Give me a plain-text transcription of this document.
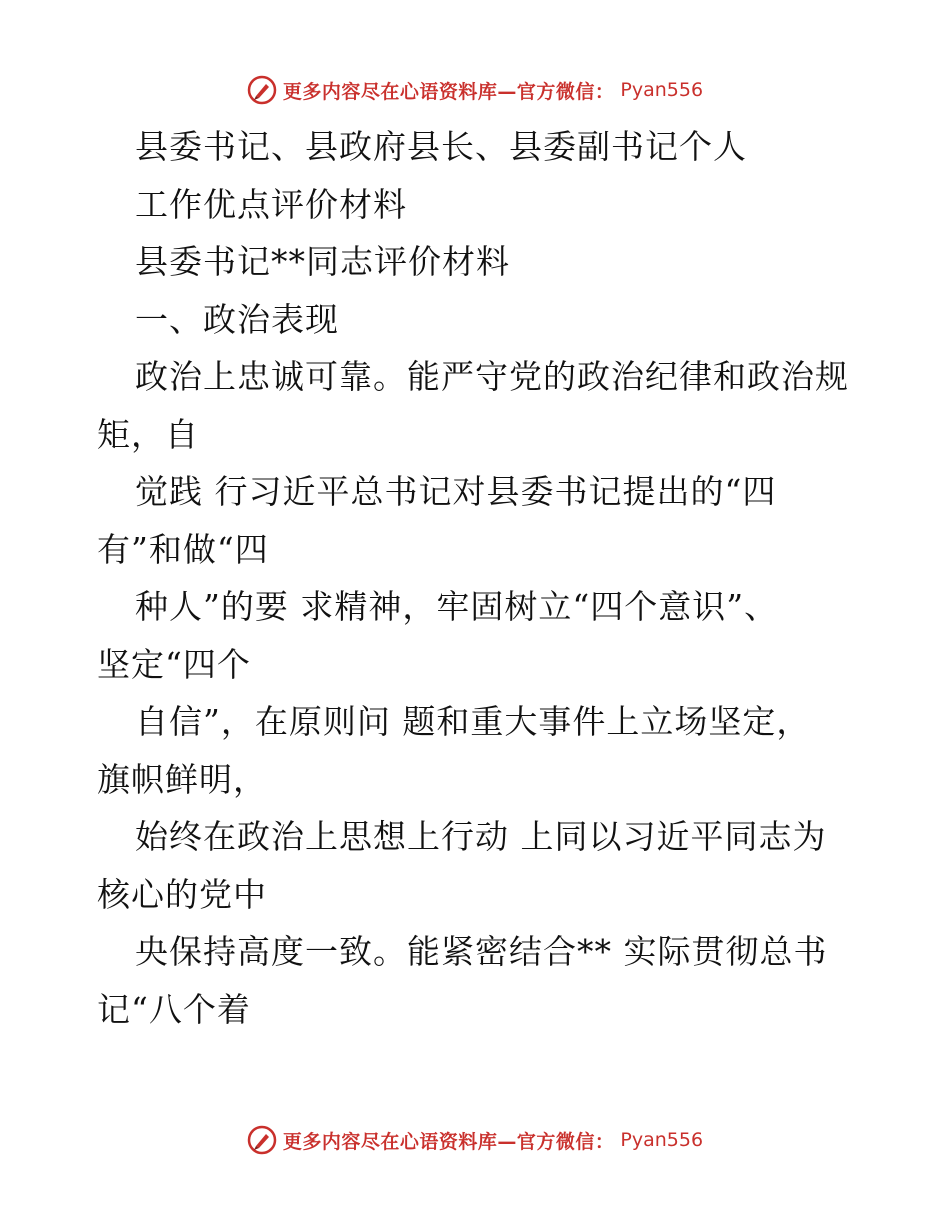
更多内容尽在心语资料库—官方微信： Pyan556
县委书记、县政府县长、县委副书记个人
工作优点评价材料
县委书记**同志评价材料
一、政治表现
政治上忠诚可靠。能严守党的政治纪律和政治规
矩，自
觉践 行习近平总书记对县委书记提出的“四
有”和做“四
种人”的要 求精神，牢固树立“四个意识”、
坚定“四个
自信”，在原则问 题和重大事件上立场坚定，
旗帜鲜明，
始终在政治上思想上行动 上同以习近平同志为
核心的党中
央保持高度一致。能紧密结合** 实际贯彻总书
记“八个着
更多内容尽在心语资料库—官方微信： Pyan556
